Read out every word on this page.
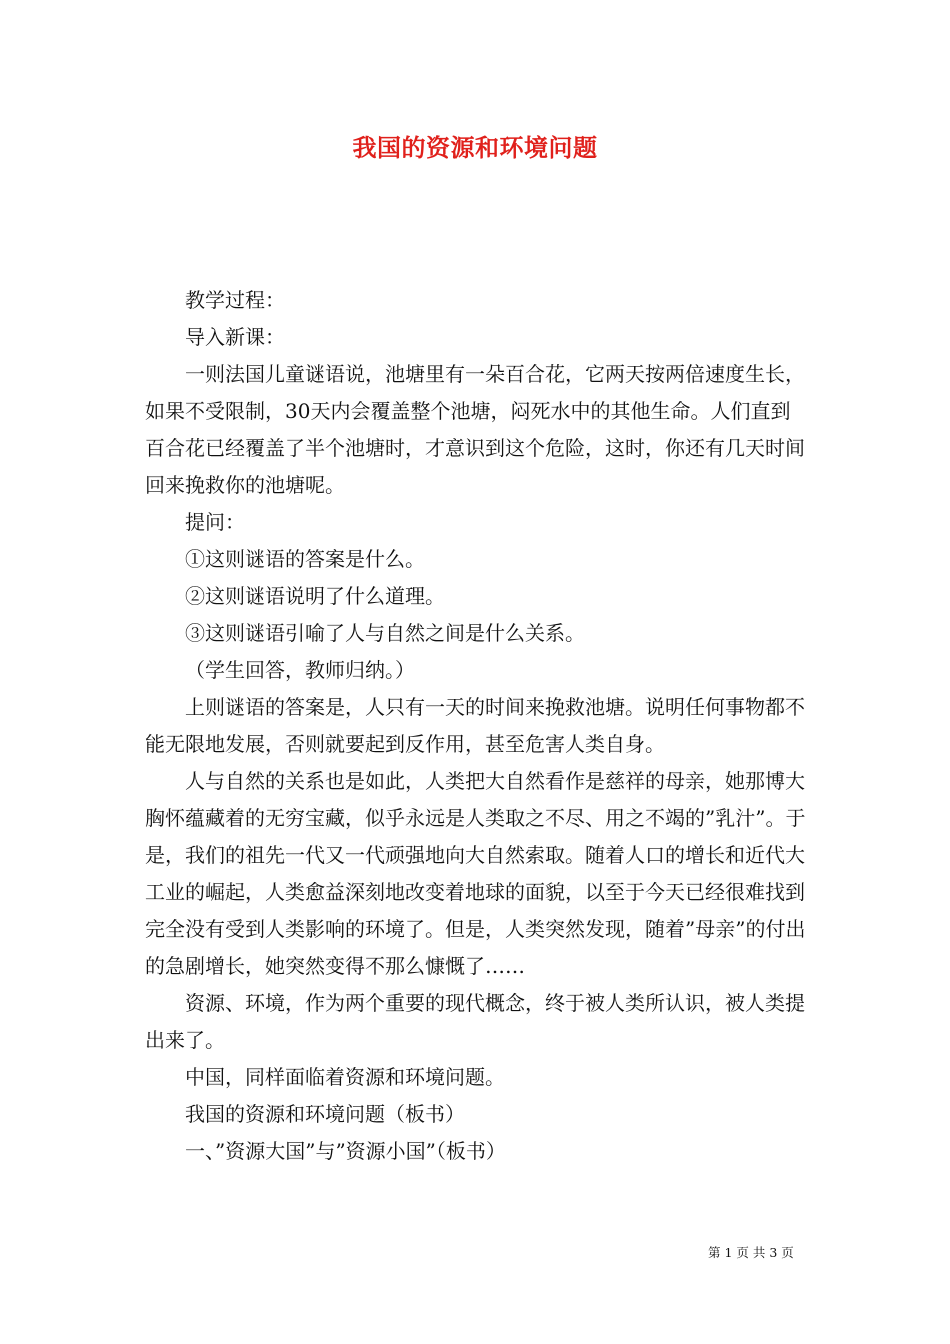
我国的资源和环境问题

教学过程：

导入新课：

一则法国儿童谜语说，池塘里有一朵百合花，它两天按两倍速度生长，如果不受限制，30天内会覆盖整个池塘，闷死水中的其他生命。人们直到百合花已经覆盖了半个池塘时，才意识到这个危险，这时，你还有几天时间回来挽救你的池塘呢。

提问：

①这则谜语的答案是什么。

②这则谜语说明了什么道理。

③这则谜语引喻了人与自然之间是什么关系。

（学生回答，教师归纳。）

上则谜语的答案是，人只有一天的时间来挽救池塘。说明任何事物都不能无限地发展，否则就要起到反作用，甚至危害人类自身。

人与自然的关系也是如此，人类把大自然看作是慈祥的母亲，她那博大胸怀蕴藏着的无穷宝藏，似乎永远是人类取之不尽、用之不竭的”乳汁”。于是，我们的祖先一代又一代顽强地向大自然索取。随着人口的增长和近代大工业的崛起，人类愈益深刻地改变着地球的面貌，以至于今天已经很难找到完全没有受到人类影响的环境了。但是，人类突然发现，随着”母亲”的付出的急剧增长，她突然变得不那么慷慨了……

资源、环境，作为两个重要的现代概念，终于被人类所认识，被人类提出来了。

中国，同样面临着资源和环境问题。

我国的资源和环境问题（板书）

一、”资源大国”与”资源小国”（板书）

第 1 页 共 3 页
